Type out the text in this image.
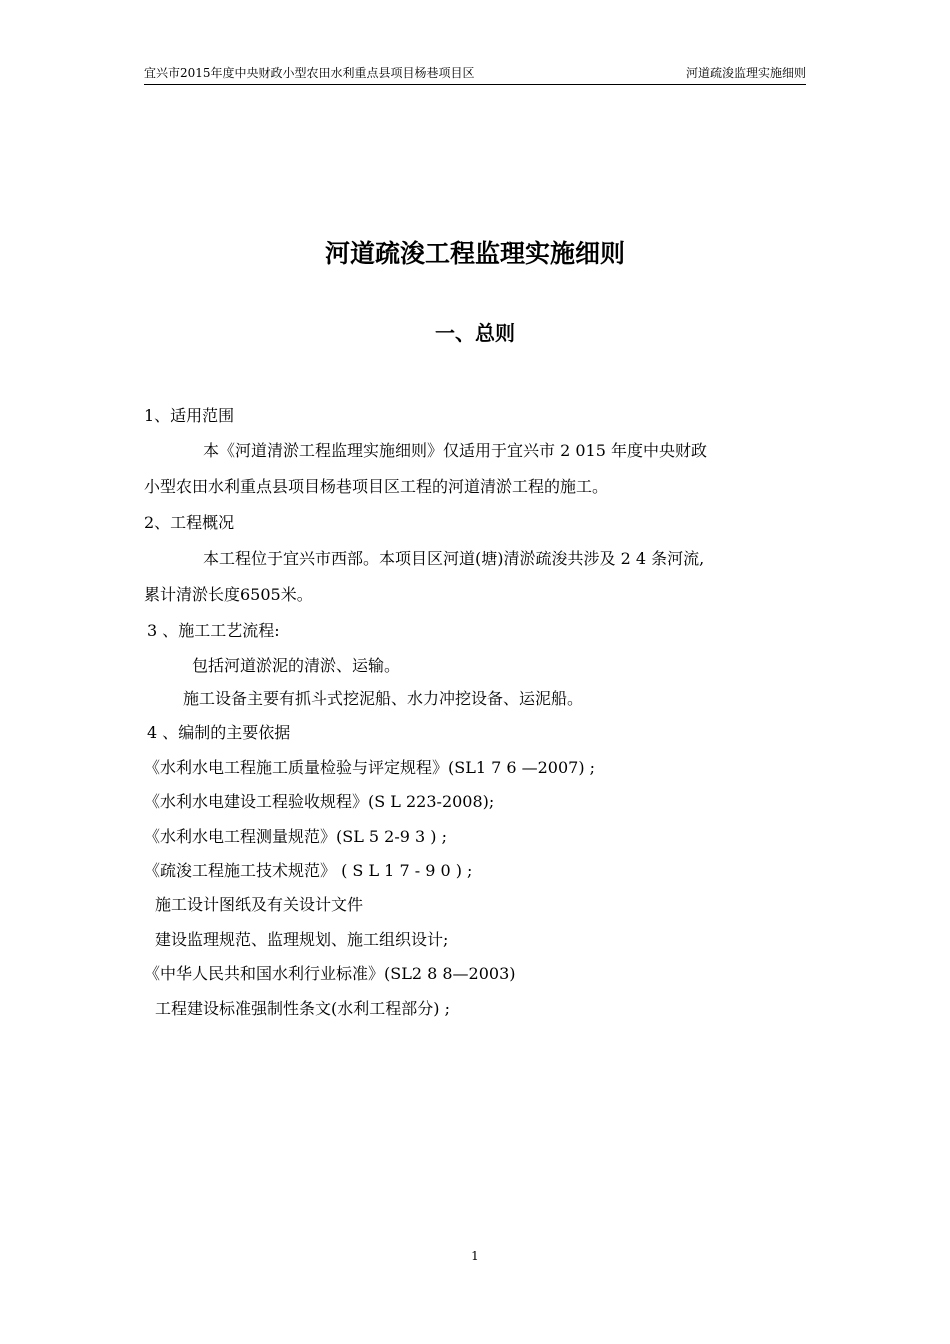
宜兴市2015年度中央财政小型农田水利重点县项目杨巷项目区	河道疏浚监理实施细则
河道疏浚工程监理实施细则
一、总则
1、适用范围
本《河道清淤工程监理实施细则》仅适用于宜兴市 2 015 年度中央财政
小型农田水利重点县项目杨巷项目区工程的河道清淤工程的施工。
2、工程概况
本工程位于宜兴市西部。本项目区河道(塘)清淤疏浚共涉及 2 4 条河流,
累计清淤长度6505米。
3 、施工工艺流程:
包括河道淤泥的清淤、运输。
施工设备主要有抓斗式挖泥船、水力冲挖设备、运泥船。
4 、编制的主要依据
《水利水电工程施工质量检验与评定规程》(SL1 7 6 —2007) ;
《水利水电建设工程验收规程》(S L 223-2008);
《水利水电工程测量规范》(SL 5 2-9 3 ) ;
《疏浚工程施工技术规范》 ( S L 1 7 - 9 0 ) ;
施工设计图纸及有关设计文件
建设监理规范、监理规划、施工组织设计;
《中华人民共和国水利行业标准》(SL2 8 8—2003)
工程建设标准强制性条文(水利工程部分) ;
1
